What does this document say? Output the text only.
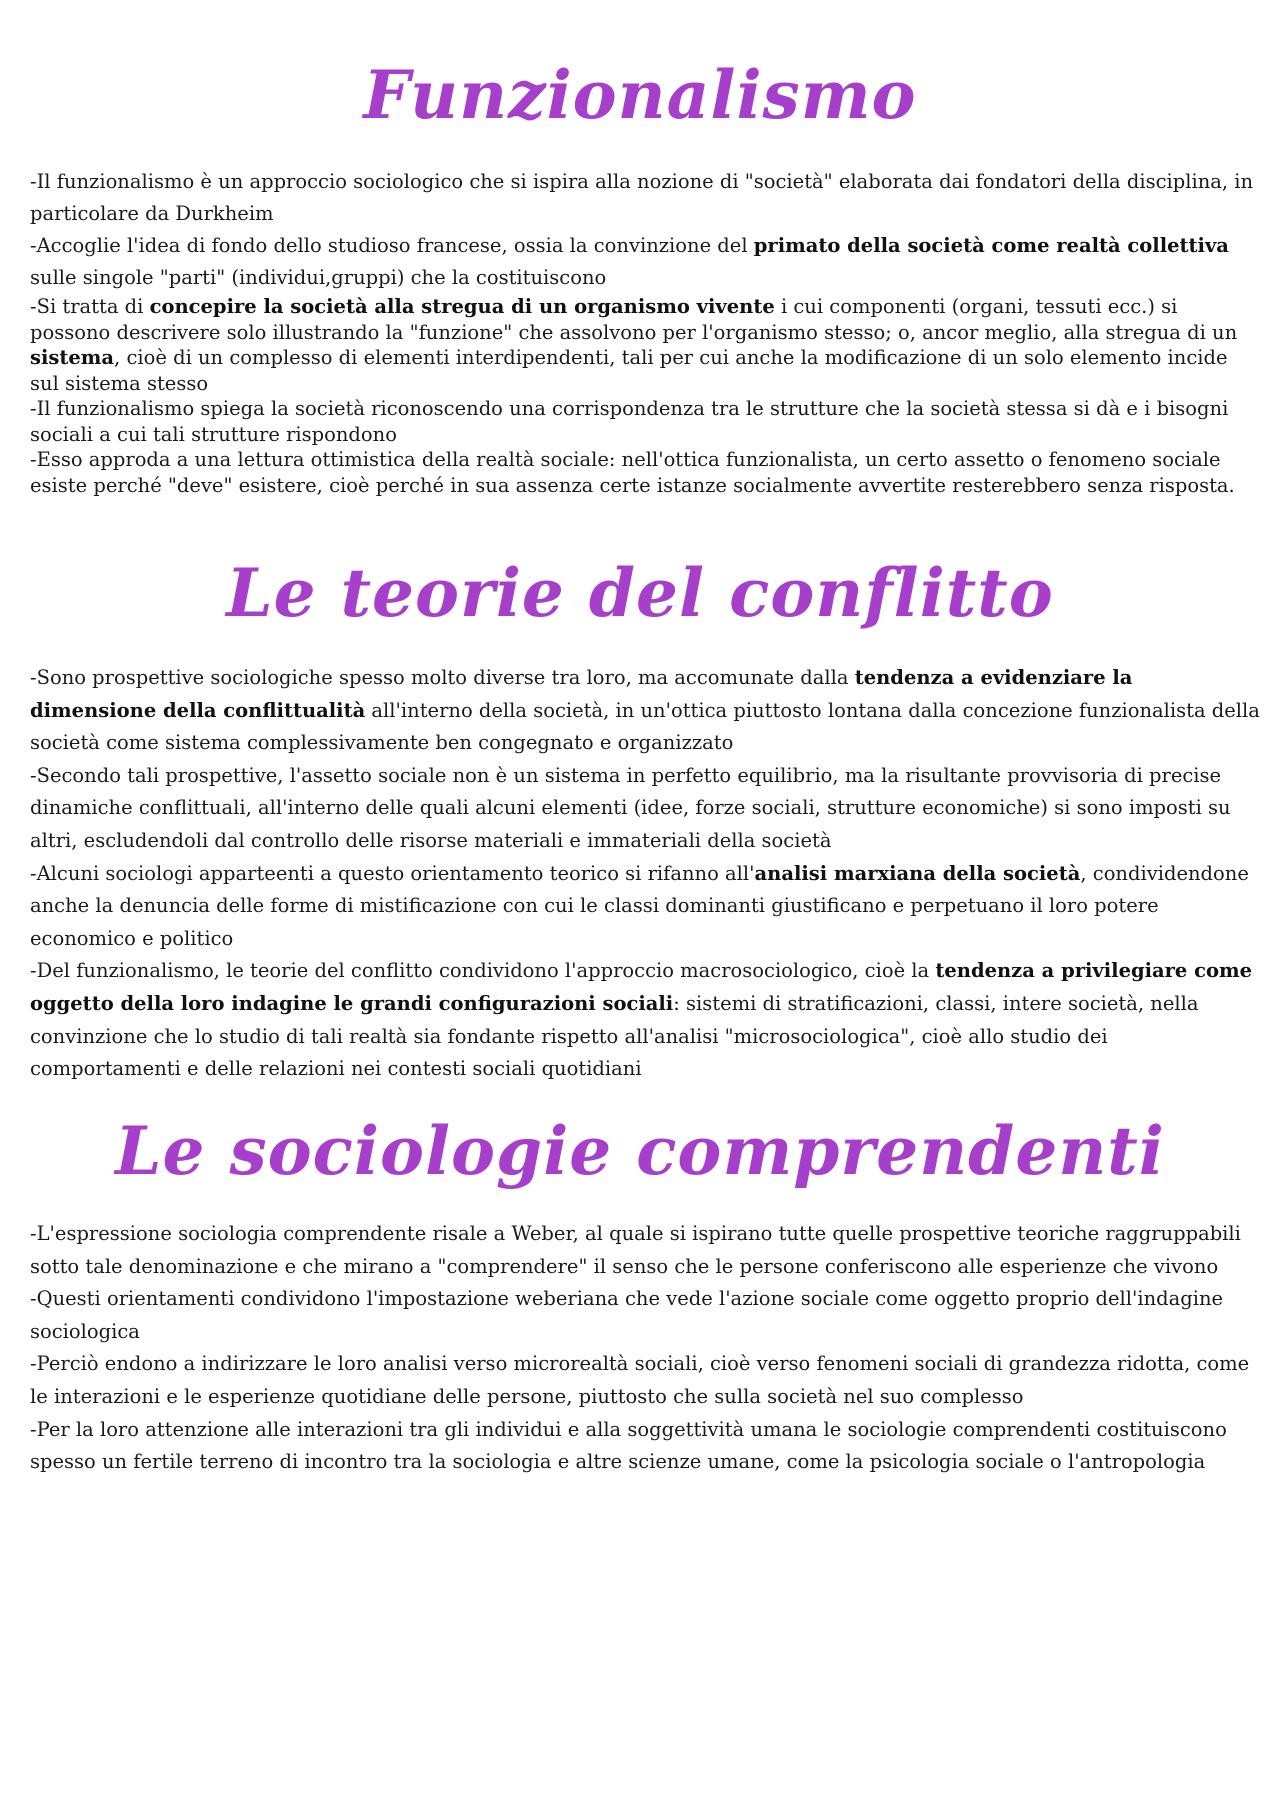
Funzionalismo

-Il funzionalismo è un approccio sociologico che si ispira alla nozione di "società" elaborata dai fondatori della disciplina, in particolare da Durkheim

-Accoglie l'idea di fondo dello studioso francese, ossia la convinzione del primato della società come realtà collettiva sulle singole "parti" (individui,gruppi) che la costituiscono

-Si tratta di concepire la società alla stregua di un organismo vivente i cui componenti (organi, tessuti ecc.) si possono descrivere solo illustrando la "funzione" che assolvono per l'organismo stesso; o, ancor meglio, alla stregua di un sistema, cioè di un complesso di elementi interdipendenti, tali per cui anche la modificazione di un solo elemento incide sul sistema stesso

-Il funzionalismo spiega la società riconoscendo una corrispondenza tra le strutture che la società stessa si dà e i bisogni sociali a cui tali strutture rispondono

-Esso approda a una lettura ottimistica della realtà sociale: nell'ottica funzionalista, un certo assetto o fenomeno sociale esiste perché "deve" esistere, cioè perché in sua assenza certe istanze socialmente avvertite resterebbero senza risposta.

Le teorie del conflitto

-Sono prospettive sociologiche spesso molto diverse tra loro, ma accomunate dalla tendenza a evidenziare la dimensione della conflittualità all'interno della società, in un'ottica piuttosto lontana dalla concezione funzionalista della società come sistema complessivamente ben congegnato e organizzato

-Secondo tali prospettive, l'assetto sociale non è un sistema in perfetto equilibrio, ma la risultante provvisoria di precise dinamiche conflittuali, all'interno delle quali alcuni elementi (idee, forze sociali, strutture economiche) si sono imposti su altri, escludendoli dal controllo delle risorse materiali e immateriali della società

-Alcuni sociologi apparteenti a questo orientamento teorico si rifanno all'analisi marxiana della società, condividendone anche la denuncia delle forme di mistificazione con cui le classi dominanti giustificano e perpetuano il loro potere economico e politico

-Del funzionalismo, le teorie del conflitto condividono l'approccio macrosociologico, cioè la tendenza a privilegiare come oggetto della loro indagine le grandi configurazioni sociali: sistemi di stratificazioni, classi, intere società, nella convinzione che lo studio di tali realtà sia fondante rispetto all'analisi "microsociologica", cioè allo studio dei comportamenti e delle relazioni nei contesti sociali quotidiani

Le sociologie comprendenti

-L'espressione sociologia comprendente risale a Weber, al quale si ispirano tutte quelle prospettive teoriche raggruppabili sotto tale denominazione e che mirano a "comprendere" il senso che le persone conferiscono alle esperienze che vivono

-Questi orientamenti condividono l'impostazione weberiana che vede l'azione sociale come oggetto proprio dell'indagine sociologica

-Perciò endono a indirizzare le loro analisi verso microrealtà sociali, cioè verso fenomeni sociali di grandezza ridotta, come le interazioni e le esperienze quotidiane delle persone, piuttosto che sulla società nel suo complesso

-Per la loro attenzione alle interazioni tra gli individui e alla soggettività umana le sociologie comprendenti costituiscono spesso un fertile terreno di incontro tra la sociologia e altre scienze umane, come la psicologia sociale o l'antropologia
